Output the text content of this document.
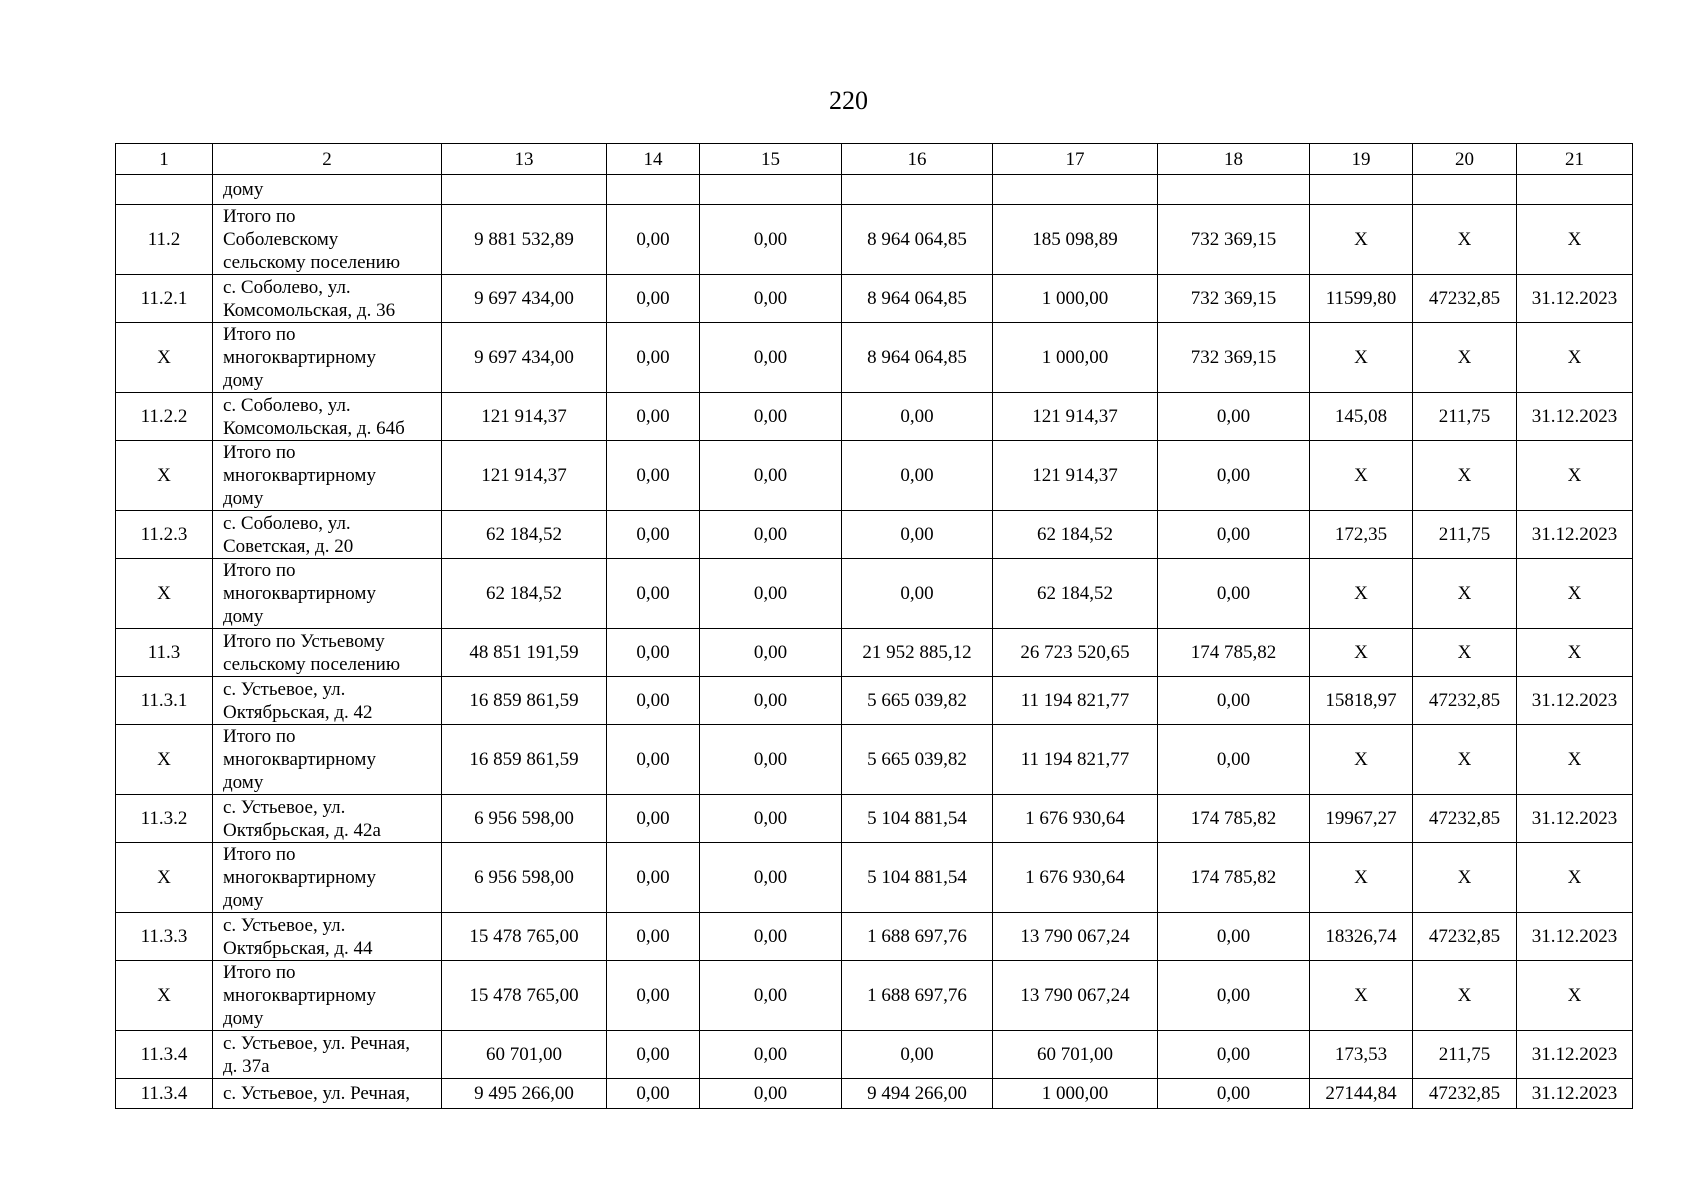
220
1	2	13	14	15	16	17	18	19	20	21
	дому									
11.2	Итого по
Соболевскому
сельскому поселению	9 881 532,89	0,00	0,00	8 964 064,85	185 098,89	732 369,15	Х	Х	Х
11.2.1	с. Соболево, ул.
Комсомольская, д. 36	9 697 434,00	0,00	0,00	8 964 064,85	1 000,00	732 369,15	11599,80	47232,85	31.12.2023
Х	Итого по
многоквартирному
дому	9 697 434,00	0,00	0,00	8 964 064,85	1 000,00	732 369,15	Х	Х	Х
11.2.2	с. Соболево, ул.
Комсомольская, д. 64б	121 914,37	0,00	0,00	0,00	121 914,37	0,00	145,08	211,75	31.12.2023
Х	Итого по
многоквартирному
дому	121 914,37	0,00	0,00	0,00	121 914,37	0,00	Х	Х	Х
11.2.3	с. Соболево, ул.
Советская, д. 20	62 184,52	0,00	0,00	0,00	62 184,52	0,00	172,35	211,75	31.12.2023
Х	Итого по
многоквартирному
дому	62 184,52	0,00	0,00	0,00	62 184,52	0,00	Х	Х	Х
11.3	Итого по Устьевому
сельскому поселению	48 851 191,59	0,00	0,00	21 952 885,12	26 723 520,65	174 785,82	Х	Х	Х
11.3.1	с. Устьевое, ул.
Октябрьская, д. 42	16 859 861,59	0,00	0,00	5 665 039,82	11 194 821,77	0,00	15818,97	47232,85	31.12.2023
Х	Итого по
многоквартирному
дому	16 859 861,59	0,00	0,00	5 665 039,82	11 194 821,77	0,00	Х	Х	Х
11.3.2	с. Устьевое, ул.
Октябрьская, д. 42а	6 956 598,00	0,00	0,00	5 104 881,54	1 676 930,64	174 785,82	19967,27	47232,85	31.12.2023
Х	Итого по
многоквартирному
дому	6 956 598,00	0,00	0,00	5 104 881,54	1 676 930,64	174 785,82	Х	Х	Х
11.3.3	с. Устьевое, ул.
Октябрьская, д. 44	15 478 765,00	0,00	0,00	1 688 697,76	13 790 067,24	0,00	18326,74	47232,85	31.12.2023
Х	Итого по
многоквартирному
дому	15 478 765,00	0,00	0,00	1 688 697,76	13 790 067,24	0,00	Х	Х	Х
11.3.4	с. Устьевое, ул. Речная,
д. 37а	60 701,00	0,00	0,00	0,00	60 701,00	0,00	173,53	211,75	31.12.2023
11.3.4	с. Устьевое, ул. Речная,	9 495 266,00	0,00	0,00	9 494 266,00	1 000,00	0,00	27144,84	47232,85	31.12.2023
